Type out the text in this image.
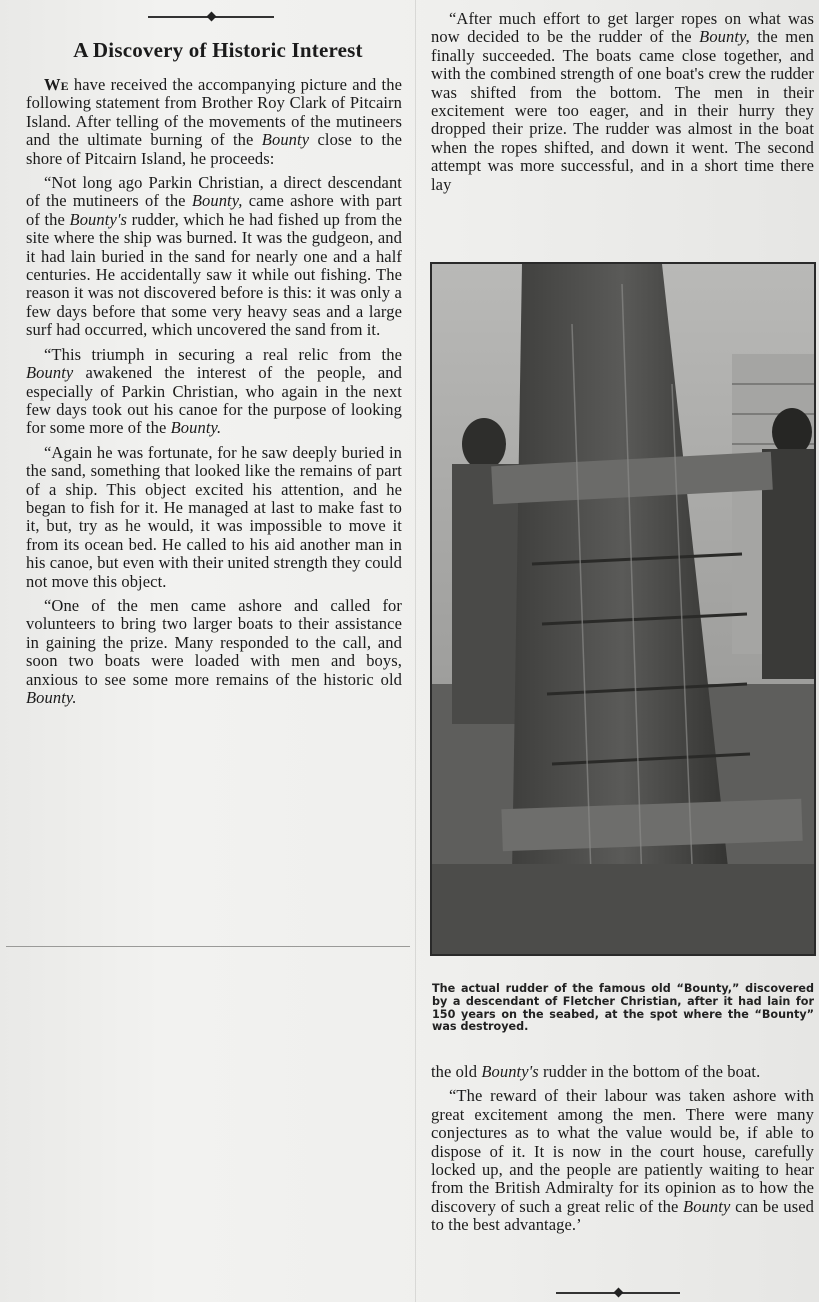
A Discovery of Historic Interest

We have received the accompanying picture and the following statement from Brother Roy Clark of Pitcairn Island. After telling of the movements of the mutineers and the ultimate burning of the Bounty close to the shore of Pitcairn Island, he proceeds:

“Not long ago Parkin Christian, a direct descendant of the mutineers of the Bounty, came ashore with part of the Bounty's rudder, which he had fished up from the site where the ship was burned. It was the gudgeon, and it had lain buried in the sand for nearly one and a half centuries. He accidentally saw it while out fishing. The reason it was not discovered before is this: it was only a few days before that some very heavy seas and a large surf had occurred, which uncovered the sand from it.

“This triumph in securing a real relic from the Bounty awakened the interest of the people, and especially of Parkin Christian, who again in the next few days took out his canoe for the purpose of looking for some more of the Bounty.

“Again he was fortunate, for he saw deeply buried in the sand, something that looked like the remains of part of a ship. This object excited his attention, and he began to fish for it. He managed at last to make fast to it, but, try as he would, it was impossible to move it from its ocean bed. He called to his aid another man in his canoe, but even with their united strength they could not move this object.

“One of the men came ashore and called for volunteers to bring two larger boats to their assistance in gaining the prize. Many responded to the call, and soon two boats were loaded with men and boys, anxious to see some more remains of the historic old Bounty.

“After much effort to get larger ropes on what was now decided to be the rudder of the Bounty, the men finally succeeded. The boats came close together, and with the combined strength of one boat's crew the rudder was shifted from the bottom. The men in their excitement were too eager, and in their hurry they dropped their prize. The rudder was almost in the boat when the ropes shifted, and down it went. The second attempt was more successful, and in a short time there lay

The actual rudder of the famous old “Bounty,” discovered by a descendant of Fletcher Christian, after it had lain for 150 years on the seabed, at the spot where the “Bounty” was destroyed.

the old Bounty's rudder in the bottom of the boat.

“The reward of their labour was taken ashore with great excitement among the men. There were many conjectures as to what the value would be, if able to dispose of it. It is now in the court house, carefully locked up, and the people are patiently waiting to hear from the British Admiralty for its opinion as to how the discovery of such a great relic of the Bounty can be used to the best advantage.’
